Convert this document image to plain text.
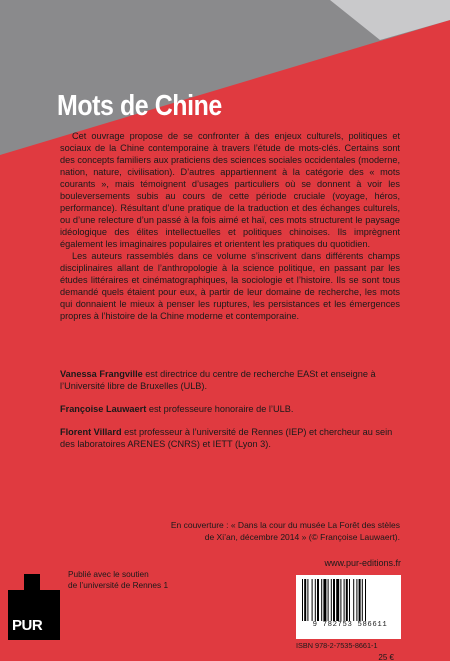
Mots de Chine

Cet ouvrage propose de se confronter à des enjeux culturels, politiques et sociaux de la Chine contemporaine à travers l’étude de mots-clés. Certains sont des concepts familiers aux praticiens des sciences sociales occidentales (moderne, nation, nature, civilisation). D’autres appartiennent à la catégorie des « mots courants », mais témoignent d’usages particuliers où se donnent à voir les bouleversements subis au cours de cette période cruciale (voyage, héros, performance). Résultant d’une pratique de la traduction et des échanges culturels, ou d’une relecture d’un passé à la fois aimé et haï, ces mots structurent le paysage idéologique des élites intellectuelles et politiques chinoises. Ils imprègnent également les imaginaires populaires et orientent les pratiques du quotidien.

Les auteurs rassemblés dans ce volume s’inscrivent dans différents champs disciplinaires allant de l’anthropologie à la science politique, en passant par les études littéraires et cinématographiques, la sociologie et l’histoire. Ils se sont tous demandé quels étaient pour eux, à partir de leur domaine de recherche, les mots qui donnaient le mieux à penser les ruptures, les persistances et les émergences propres à l’histoire de la Chine moderne et contemporaine.

Vanessa Frangville est directrice du centre de recherche EASt et enseigne à l’Université libre de Bruxelles (ULB).

Françoise Lauwaert est professeure honoraire de l’ULB.

Florent Villard est professeur à l’université de Rennes (IEP) et chercheur au sein des laboratoires ARENES (CNRS) et IETT (Lyon 3).

En couverture : « Dans la cour du musée La Forêt des stèles
de Xi’an, décembre 2014 » (© Françoise Lauwaert).
PUR
Publié avec le soutien
de l’université de Rennes 1
www.pur-editions.fr
9 782753 586611
ISBN 978-2-7535-8661-1
25 €
